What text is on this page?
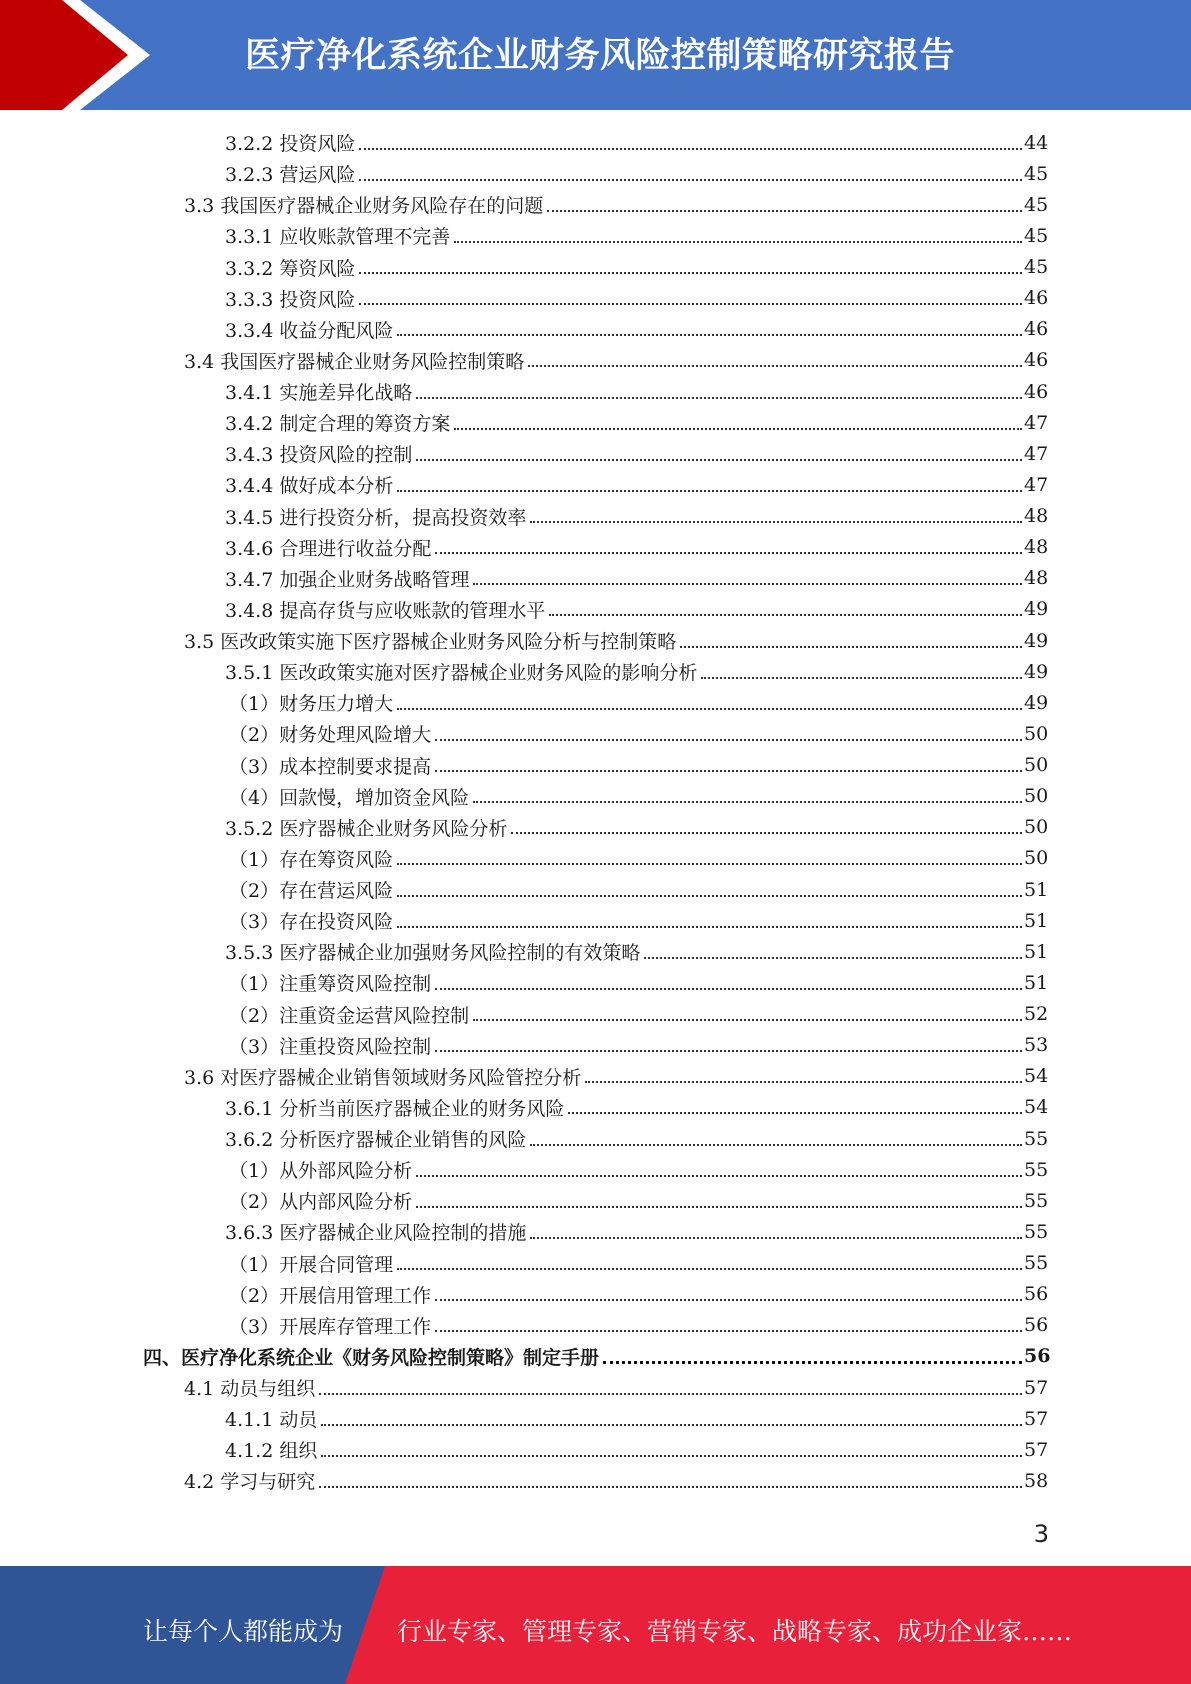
医疗净化系统企业财务风险控制策略研究报告
3.2.2 投资风险	44
3.2.3 营运风险	45
3.3 我国医疗器械企业财务风险存在的问题	45
3.3.1 应收账款管理不完善	45
3.3.2 筹资风险	45
3.3.3 投资风险	46
3.3.4 收益分配风险	46
3.4 我国医疗器械企业财务风险控制策略	46
3.4.1 实施差异化战略	46
3.4.2 制定合理的筹资方案	47
3.4.3 投资风险的控制	47
3.4.4 做好成本分析	47
3.4.5 进行投资分析，提高投资效率	48
3.4.6 合理进行收益分配	48
3.4.7 加强企业财务战略管理	48
3.4.8 提高存货与应收账款的管理水平	49
3.5 医改政策实施下医疗器械企业财务风险分析与控制策略	49
3.5.1 医改政策实施对医疗器械企业财务风险的影响分析	49
（1）财务压力增大	49
（2）财务处理风险增大	50
（3）成本控制要求提高	50
（4）回款慢，增加资金风险	50
3.5.2 医疗器械企业财务风险分析	50
（1）存在筹资风险	50
（2）存在营运风险	51
（3）存在投资风险	51
3.5.3 医疗器械企业加强财务风险控制的有效策略	51
（1）注重筹资风险控制	51
（2）注重资金运营风险控制	52
（3）注重投资风险控制	53
3.6 对医疗器械企业销售领域财务风险管控分析	54
3.6.1 分析当前医疗器械企业的财务风险	54
3.6.2 分析医疗器械企业销售的风险	55
（1）从外部风险分析	55
（2）从内部风险分析	55
3.6.3 医疗器械企业风险控制的措施	55
（1）开展合同管理	55
（2）开展信用管理工作	56
（3）开展库存管理工作	56
四、医疗净化系统企业《财务风险控制策略》制定手册	56
4.1 动员与组织	57
4.1.1 动员	57
4.1.2 组织	57
4.2 学习与研究	58
3
让每个人都能成为 行业专家、管理专家、营销专家、战略专家、成功企业家……
